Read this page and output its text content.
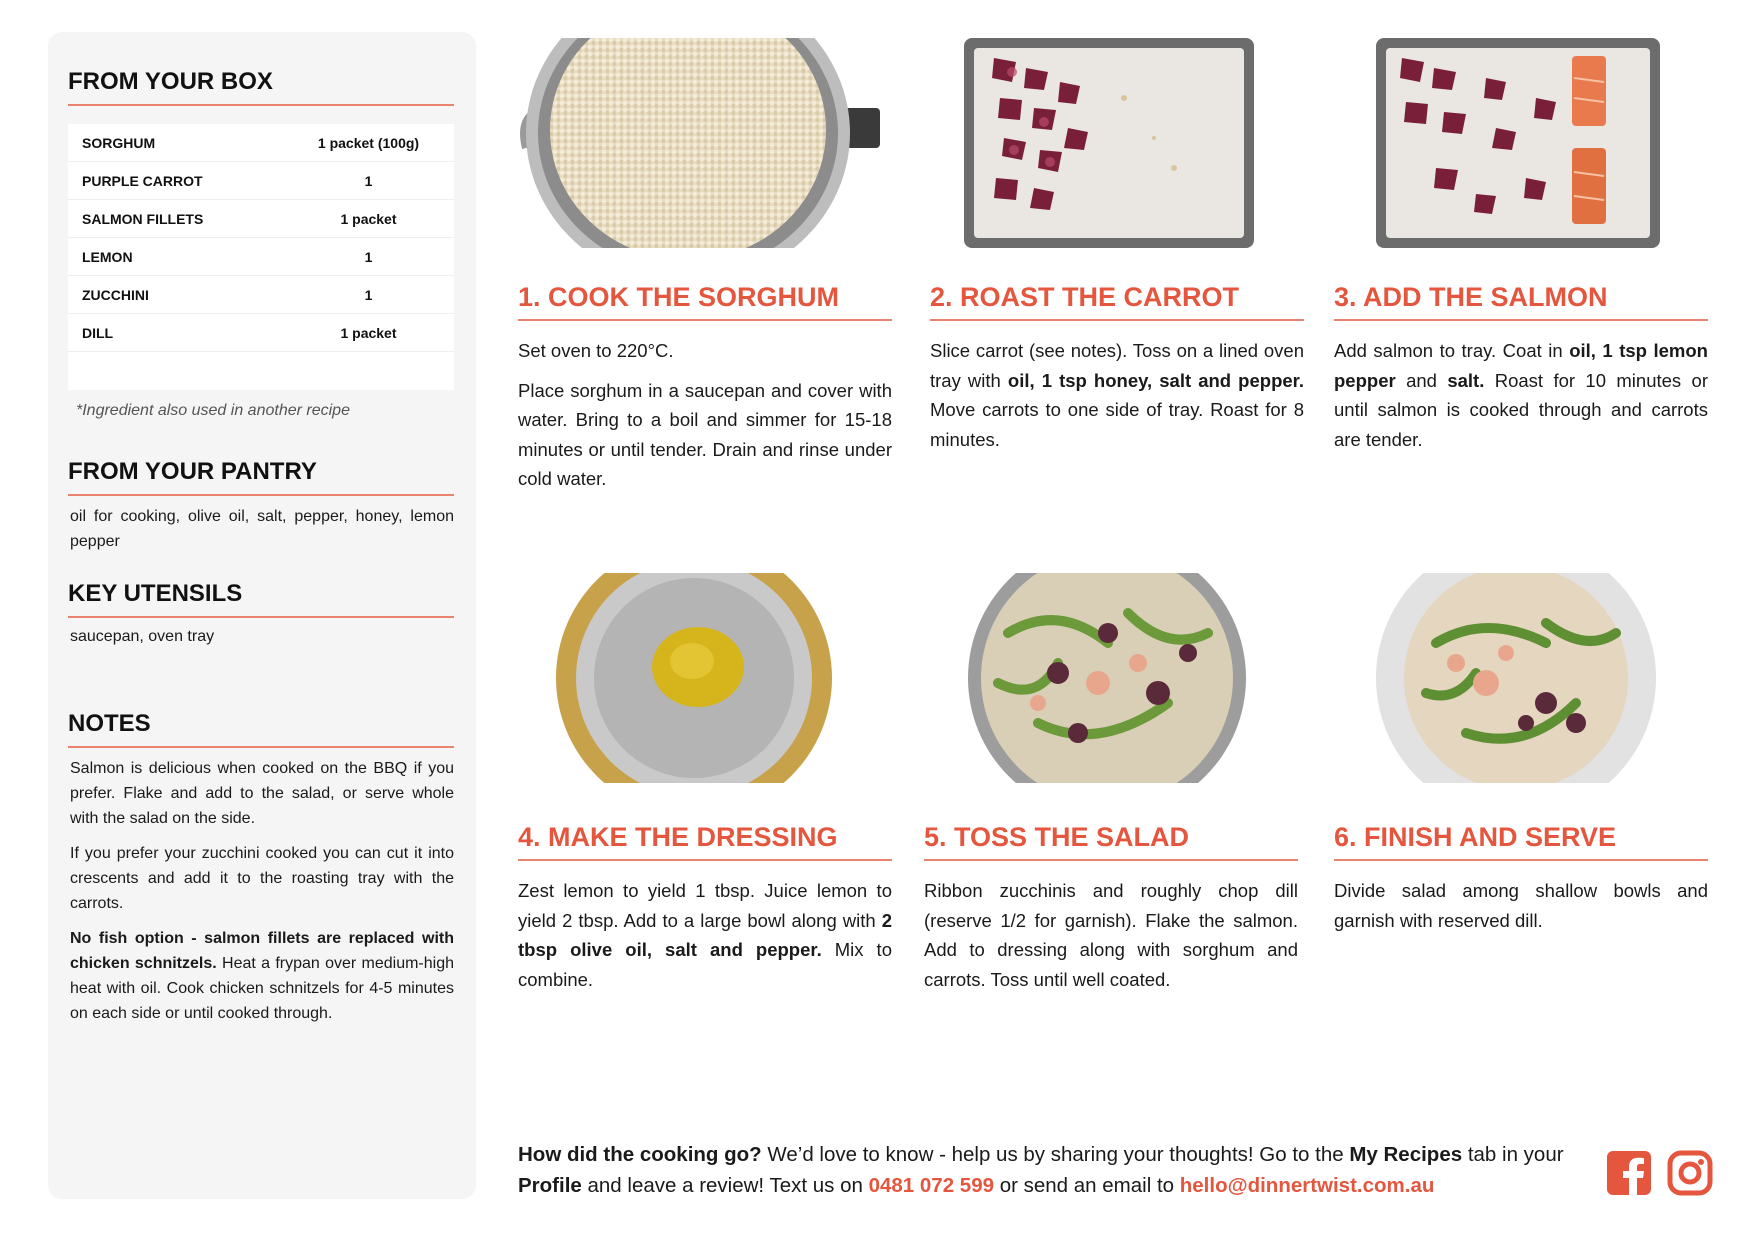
FROM YOUR BOX
SORGHUM	1 packet (100g)
PURPLE CARROT	1
SALMON FILLETS	1 packet
LEMON	1
ZUCCHINI	1
DILL	1 packet
*Ingredient also used in another recipe
FROM YOUR PANTRY
oil for cooking, olive oil, salt, pepper, honey, lemon pepper
KEY UTENSILS
saucepan, oven tray
NOTES

Salmon is delicious when cooked on the BBQ if you prefer. Flake and add to the salad, or serve whole with the salad on the side.

If you prefer your zucchini cooked you can cut it into crescents and add it to the roasting tray with the carrots.

No fish option - salmon fillets are replaced with chicken schnitzels. Heat a frypan over medium-high heat with oil. Cook chicken schnitzels for 4-5 minutes on each side or until cooked through.

1. COOK THE SORGHUM

Set oven to 220°C.

Place sorghum in a saucepan and cover with water. Bring to a boil and simmer for 15-18 minutes or until tender. Drain and rinse under cold water.

2. ROAST THE CARROT

Slice carrot (see notes). Toss on a lined oven tray with oil, 1 tsp honey, salt and pepper. Move carrots to one side of tray. Roast for 8 minutes.

3. ADD THE SALMON

Add salmon to tray. Coat in oil, 1 tsp lemon pepper and salt. Roast for 10 minutes or until salmon is cooked through and carrots are tender.

4. MAKE THE DRESSING

Zest lemon to yield 1 tbsp. Juice lemon to yield 2 tbsp. Add to a large bowl along with 2 tbsp olive oil, salt and pepper. Mix to combine.

5. TOSS THE SALAD

Ribbon zucchinis and roughly chop dill (reserve 1/2 for garnish). Flake the salmon. Add to dressing along with sorghum and carrots. Toss until well coated.

6. FINISH AND SERVE

Divide salad among shallow bowls and garnish with reserved dill.

How did the cooking go? We’d love to know - help us by sharing your thoughts! Go to the My Recipes tab in your Profile and leave a review! Text us on 0481 072 599 or send an email to hello@dinnertwist.com.au
